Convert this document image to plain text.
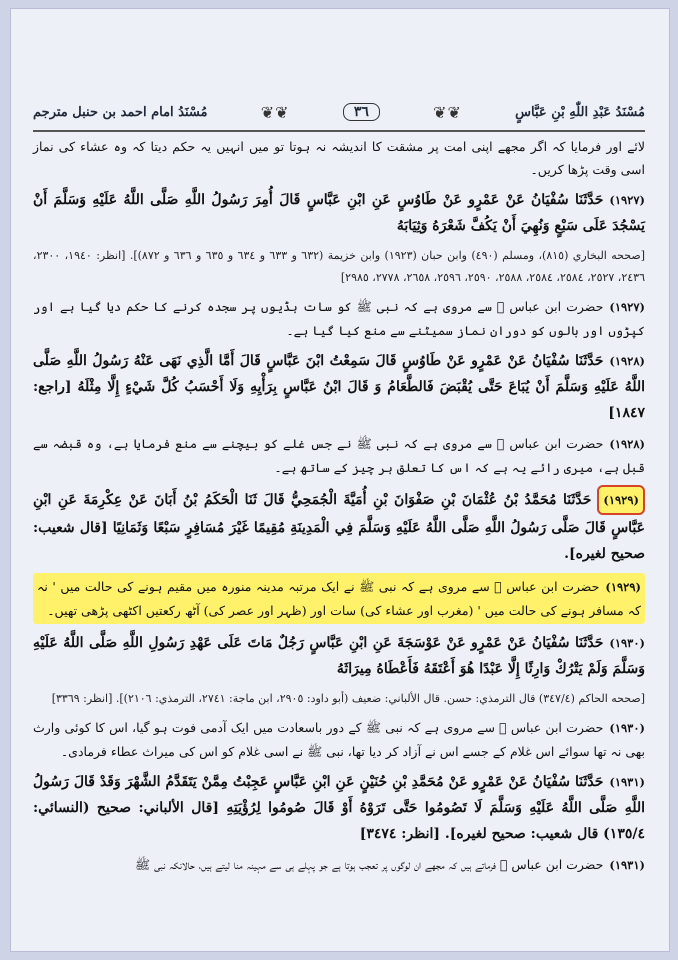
مُسْنَدُ امام احمد بن حنبل مترجم	❦❦	٣٦	❦❦	مُسْنَدُ عَبْدِ اللّٰهِ بْنِ عَبَّاسٍ

لائے اور فرمایا کہ اگر مجھے اپنی امت پر مشقت کا اندیشہ نہ ہوتا تو میں انہیں یہ حکم دیتا کہ وہ عشاء کی نماز اسی وقت پڑھا کریں۔

(١٩٢٧)حَدَّثَنَا سُفْيَانُ عَنْ عَمْرٍو عَنْ طَاوُسٍ عَنِ ابْنِ عَبَّاسٍ قَالَ أُمِرَ رَسُولُ اللَّهِ صَلَّى اللَّهُ عَلَيْهِ وَسَلَّمَ أَنْ يَسْجُدَ عَلَى سَبْعٍ وَنُهِيَ أَنْ يَكُفَّ شَعْرَهُ وَثِيَابَهُ

[صححه البخاري (٨١٥)، ومسلم (٤٩٠) وابن حبان (١٩٢٣) وابن خزيمة (٦٣٢ و ٦٣٣ و ٦٣٤ و ٦٣٥ و ٦٣٦ و ٨٧٢)]. [انظر: ١٩٤٠، ٢٣٠٠، ٢٤٣٦، ٢٥٢٧، ٢٥٨٤، ٢٥٨٤، ٢٥٨٨، ٢٥٩٠، ٢٥٩٦، ٢٦٥٨، ٢٧٧٨، ٢٩٨٥]

(١٩٢٧)حضرت ابن عباس ﷜ سے مروی ہے کہ نبی ﷺ کو سات ہڈیوں پر سجدہ کرنے کا حکم دیا گیا ہے اور کپڑوں اور بالوں کو دوران نماز سمیٹنے سے منع کیا گیا ہے۔

(١٩٢٨)حَدَّثَنَا سُفْيَانُ عَنْ عَمْرٍو عَنْ طَاوُسٍ قَالَ سَمِعْتُ ابْنَ عَبَّاسٍ قَالَ أَمَّا الَّذِي نَهَى عَنْهُ رَسُولُ اللَّهِ صَلَّى اللَّهُ عَلَيْهِ وَسَلَّمَ أَنْ يُبَاعَ حَتَّى يُقْبَضَ فَالطَّعَامُ وَ قَالَ ابْنُ عَبَّاسٍ بِرَأْيِهِ وَلَا أَحْسَبُ كُلَّ شَيْءٍ إِلَّا مِثْلَهُ [راجع: ١٨٤٧]

(١٩٢٨)حضرت ابن عباس ﷜ سے مروی ہے کہ نبی ﷺ نے جس غلے کو بیچنے سے منع فرمایا ہے، وہ قبضہ سے قبل ہے، میری رائے یہ ہے کہ اس کا تعلق ہر چیز کے ساتھ ہے۔

(١٩٢٩)حَدَّثَنَا مُحَمَّدُ بْنُ عُثْمَانَ بْنِ صَفْوَانَ بْنِ أُمَيَّةَ الْجُمَحِيُّ قَالَ ثَنَا الْحَكَمُ بْنُ أَبَانَ عَنْ عِكْرِمَةَ عَنِ ابْنِ عَبَّاسٍ قَالَ صَلَّى رَسُولُ اللَّهِ صَلَّى اللَّهُ عَلَيْهِ وَسَلَّمَ فِي الْمَدِينَةِ مُقِيمًا غَيْرَ مُسَافِرٍ سَبْعًا وَثَمَانِيًا [قال شعيب: صحيح لغيره].

(١٩٢٩)حضرت ابن عباس ﷜ سے مروی ہے کہ نبی ﷺ نے ایک مرتبہ مدینہ منورہ میں مقیم ہونے کی حالت میں ' نہ کہ مسافر ہونے کی حالت میں ' (مغرب اور عشاء کی) سات اور (ظہر اور عصر کی) آٹھ رکعتیں اکٹھی پڑھی تھیں۔

(١٩٣٠)حَدَّثَنَا سُفْيَانُ عَنْ عَمْرٍو عَنْ عَوْسَجَةَ عَنِ ابْنِ عَبَّاسٍ رَجُلٌ مَاتَ عَلَى عَهْدِ رَسُولِ اللَّهِ صَلَّى اللَّهُ عَلَيْهِ وَسَلَّمَ وَلَمْ يَتْرُكْ وَارِثًا إِلَّا عَبْدًا هُوَ أَعْتَقَهُ فَأَعْطَاهُ مِيرَاثَهُ

[صححه الحاكم (٣٤٧/٤) قال الترمذي: حسن. قال الألباني: ضعيف (أبو داود: ٢٩٠٥، ابن ماجة: ٢٧٤١، الترمذي: ٢١٠٦)]. [انظر: ٣٣٦٩]

(١٩٣٠)حضرت ابن عباس ﷜ سے مروی ہے کہ نبی ﷺ کے دور باسعادت میں ایک آدمی فوت ہو گیا، اس کا کوئی وارث بھی نہ تھا سوائے اس غلام کے جسے اس نے آزاد کر دیا تھا، نبی ﷺ نے اسی غلام کو اس کی میراث عطاء فرمادی۔

(١٩٣١)حَدَّثَنَا سُفْيَانُ عَنْ عَمْرٍو عَنْ مُحَمَّدِ بْنِ حُنَيْنٍ عَنِ ابْنِ عَبَّاسٍ عَجِبْتُ مِمَّنْ يَتَقَدَّمُ الشَّهْرَ وَقَدْ قَالَ رَسُولُ اللَّهِ صَلَّى اللَّهُ عَلَيْهِ وَسَلَّمَ لَا تَصُومُوا حَتَّى تَرَوْهُ أَوْ قَالَ صُومُوا لِرُؤْيَتِهِ [قال الألباني: صحيح (النسائي: ١٣٥/٤) قال شعيب: صحيح لغيره]. [انظر: ٣٤٧٤]

(١٩٣١)حضرت ابن عباس ﷜ فرماتے ہیں کہ مجھے ان لوگوں پر تعجب ہوتا ہے جو پہلے ہی سے مہینہ منا لیتے ہیں، حالانکہ نبی ﷺ
